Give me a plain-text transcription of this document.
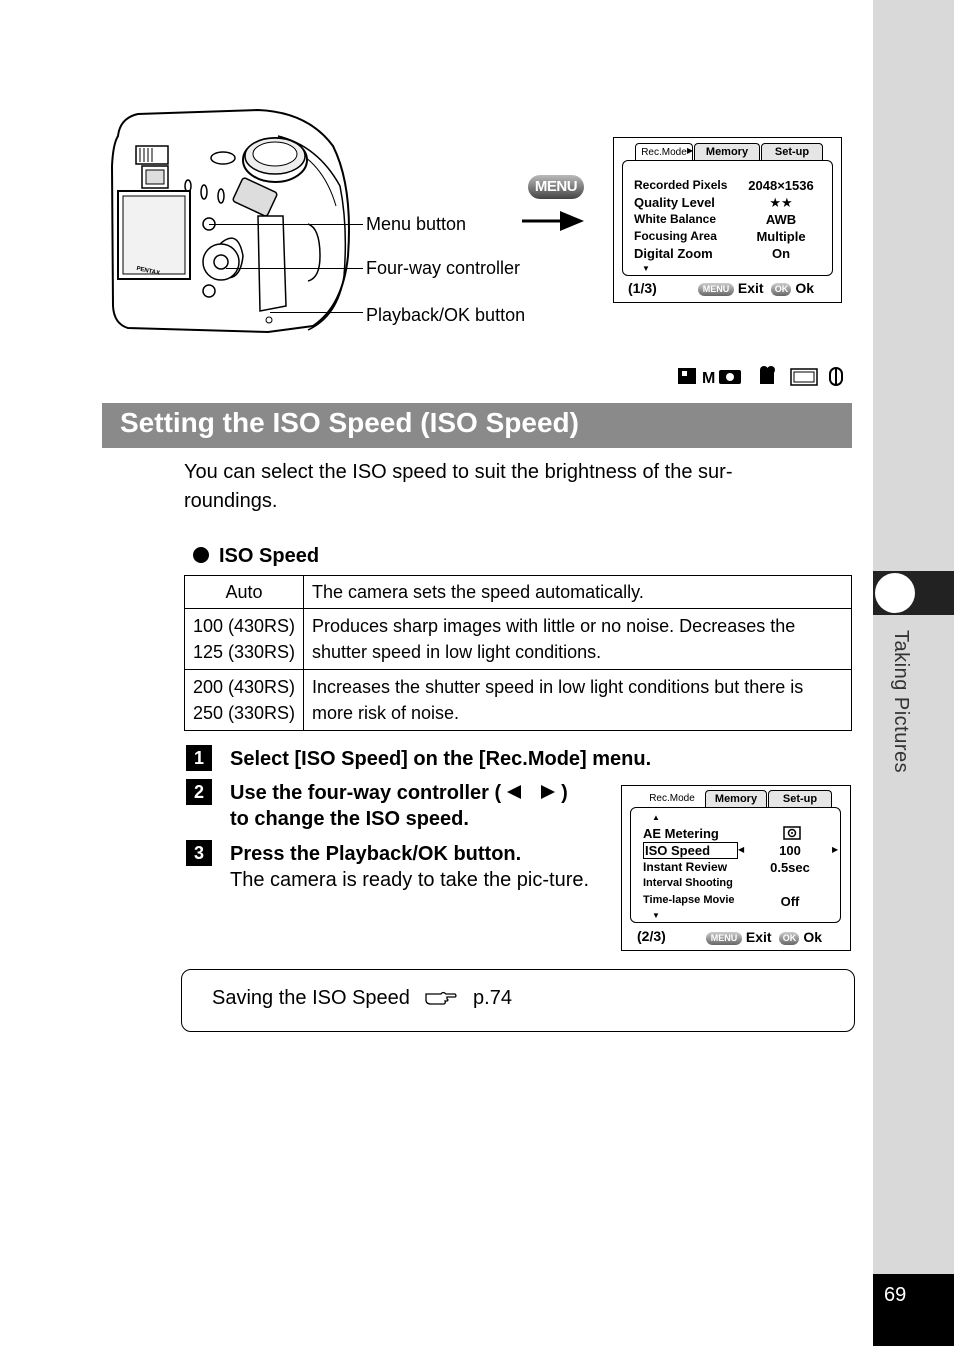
Taking Pictures
69
PENTAX
Menu button
Four-way controller
Playback/OK button
MENU
Rec.Mode	Memory	Set-up
▶
Recorded Pixels	2048×1536
Quality Level	★★
White Balance	AWB
Focusing Area	Multiple
Digital Zoom	On
▼
(1/3)	MENU Exit OK Ok
M
Setting the ISO Speed (ISO Speed)
You can select the ISO speed to suit the brightness of the sur-roundings.
ISO Speed
Auto	The camera sets the speed automatically.
100 (430RS)
125 (330RS)	Produces sharp images with little or no noise. Decreases the shutter speed in low light conditions.
200 (430RS)
250 (330RS)	Increases the shutter speed in low light conditions but there is more risk of noise.
1	Select [ISO Speed] on the [Rec.Mode] menu.
2	Use the four-way controller (	)
to change the ISO speed.
3	Press the Playback/OK button.
The camera is ready to take the pic-ture.
Rec.Mode	Memory	Set-up
▲
AE Metering
ISO Speed	◀	100	▶
Instant Review	0.5sec
Interval Shooting
Time-lapse Movie	Off
▼
(2/3)	MENU Exit OK Ok
Saving the ISO Speed	p.74
